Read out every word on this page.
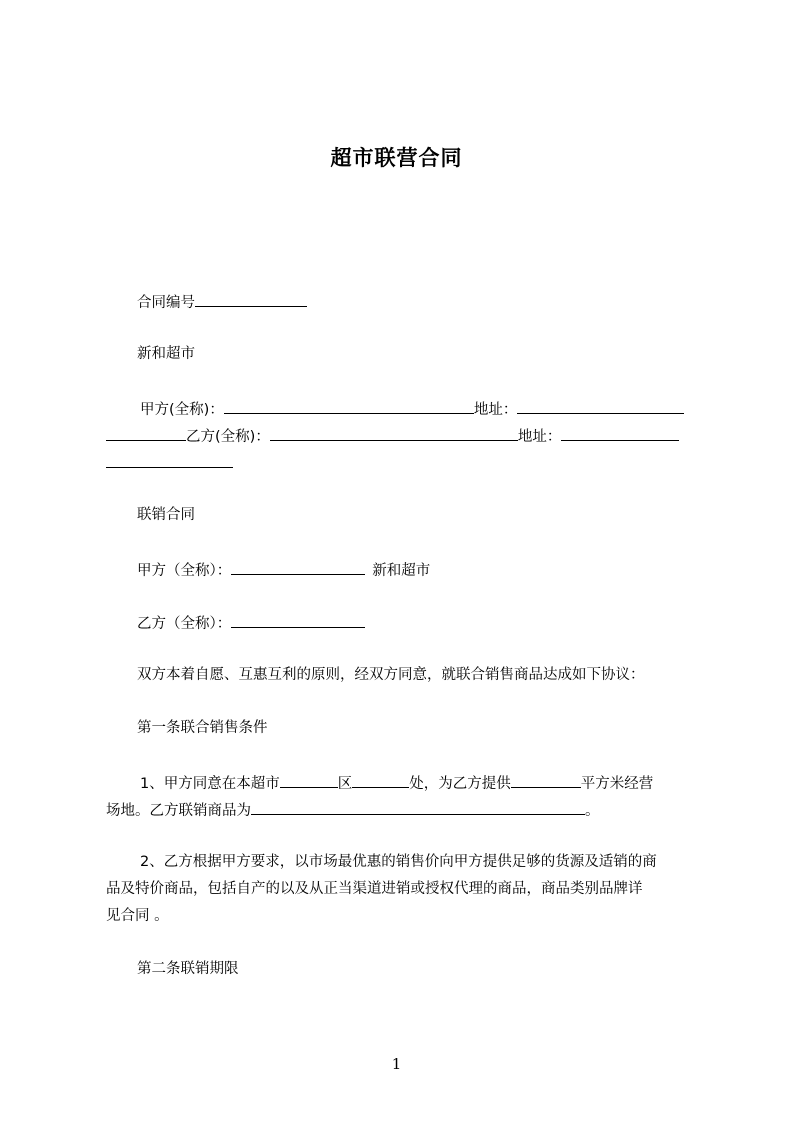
超市联营合同
合同编号
新和超市
甲方(全称)：	地址：
乙方(全称)：	地址：
联销合同
甲方（全称）：	新和超市
乙方（全称）：
双方本着自愿、互惠互利的原则，经双方同意，就联合销售商品达成如下协议：
第一条联合销售条件
1、甲方同意在本超市	区	处，为乙方提供	平方米经营
场地。乙方联销商品为	。
2、乙方根据甲方要求，以市场最优惠的销售价向甲方提供足够的货源及适销的商
品及特价商品，包括自产的以及从正当渠道进销或授权代理的商品，商品类别品牌详
见合同 。
第二条联销期限
1
